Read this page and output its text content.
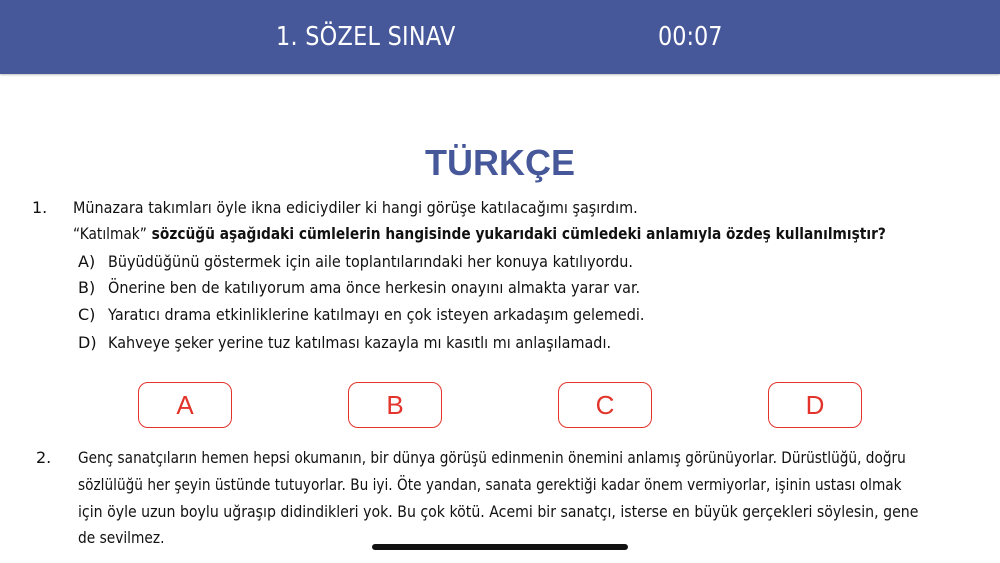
1. SÖZEL SINAV	00:07
TÜRKÇE
1. Münazara takımları öyle ikna ediciydiler ki hangi görüşe katılacağımı şaşırdım.
“Katılmak” sözcüğü aşağıdaki cümlelerin hangisinde yukarıdaki cümledeki anlamıyla özdeş kullanılmıştır?
A) Büyüdüğünü göstermek için aile toplantılarındaki her konuya katılıyordu.
B) Önerine ben de katılıyorum ama önce herkesin onayını almakta yarar var.
C) Yaratıcı drama etkinliklerine katılmayı en çok isteyen arkadaşım gelemedi.
D) Kahveye şeker yerine tuz katılması kazayla mı kasıtlı mı anlaşılamadı.
A	B	C	D
2. Genç sanatçıların hemen hepsi okumanın, bir dünya görüşü edinmenin önemini anlamış görünüyorlar. Dürüstlüğü, doğru
sözlülüğü her şeyin üstünde tutuyorlar. Bu iyi. Öte yandan, sanata gerektiği kadar önem vermiyorlar, işinin ustası olmak
için öyle uzun boylu uğraşıp didindikleri yok. Bu çok kötü. Acemi bir sanatçı, isterse en büyük gerçekleri söylesin, gene
de sevilmez.
